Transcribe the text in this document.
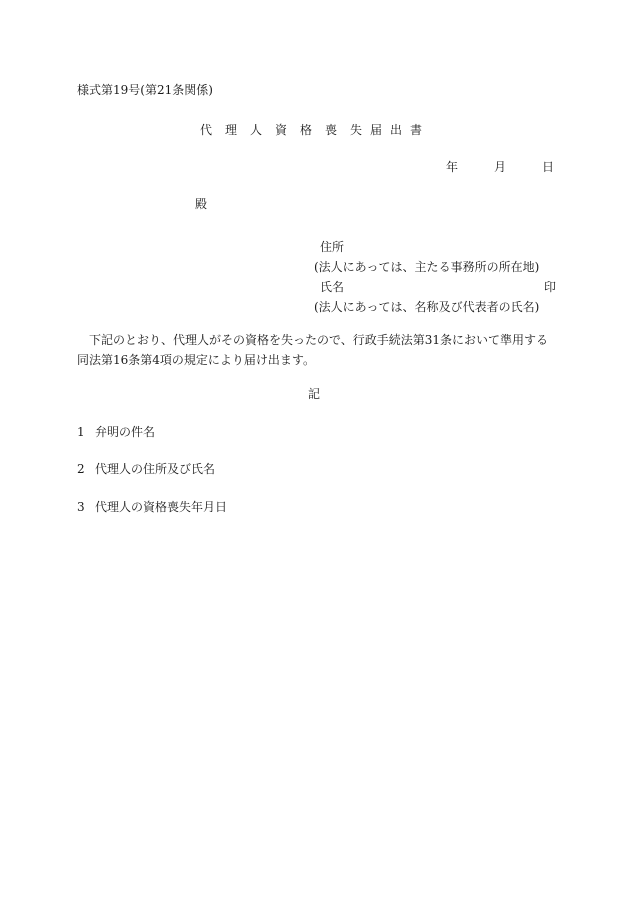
様式第19号(第21条関係)
代 理 人 資 格 喪 失 届 出 書
年	月	日
殿
住所
(法人にあっては、主たる事務所の所在地)
氏名	印
(法人にあっては、名称及び代表者の氏名)
下記のとおり、代理人がその資格を失ったので、行政手続法第31条において準用する同法第16条第4項の規定により届け出ます。
記
1 弁明の件名
2 代理人の住所及び氏名
3 代理人の資格喪失年月日
